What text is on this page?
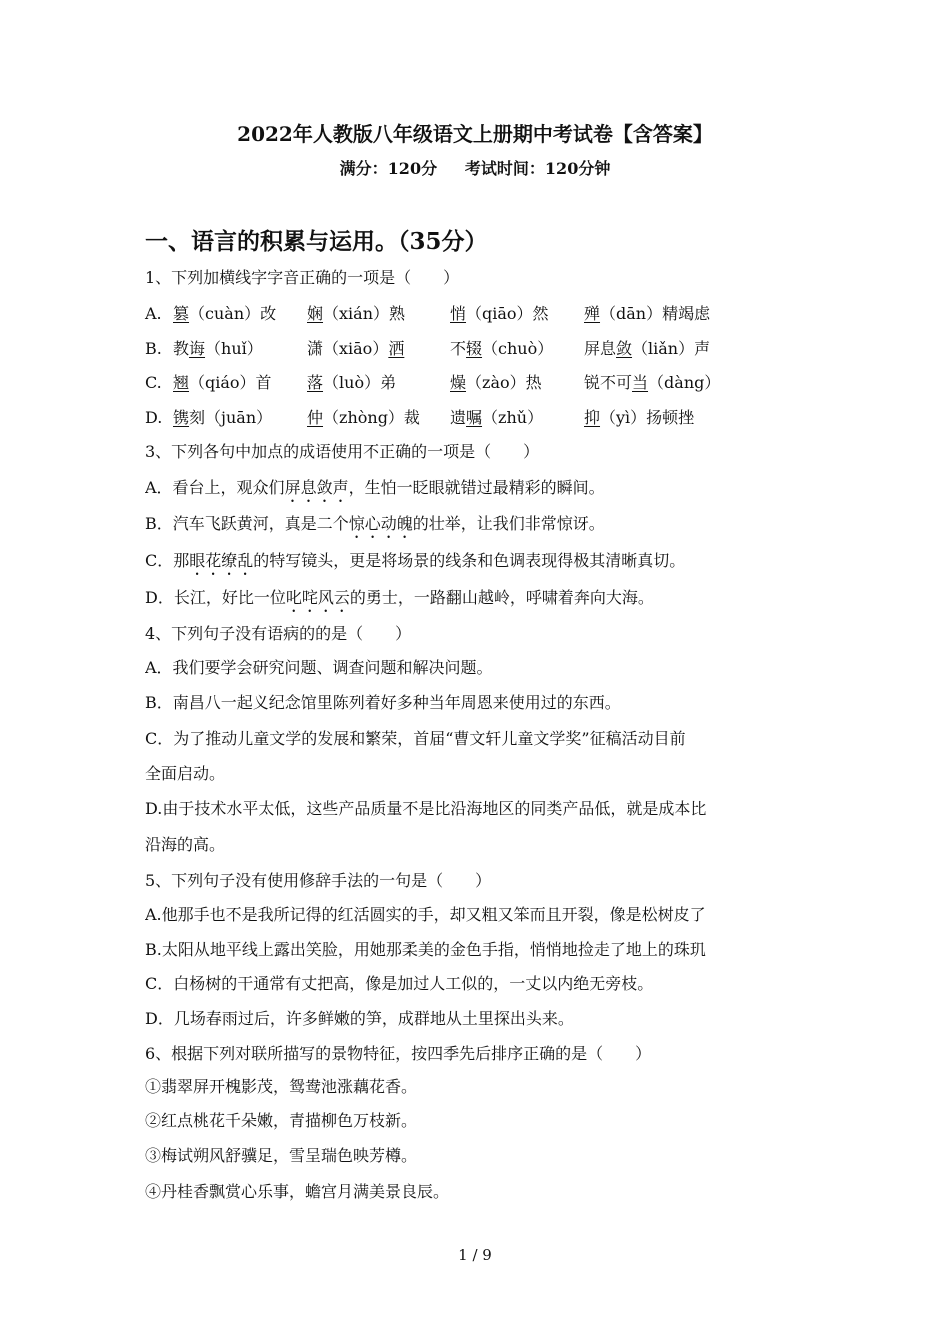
2022年人教版八年级语文上册期中考试卷【含答案】
满分：120分     考试时间：120分钟
一、语言的积累与运用。（35分）
1、下列加横线字字音正确的一项是（　　）
A. 篡（cuàn）改 娴（xián）熟	悄（qiāo）然 殚（dān）精竭虑
B. 教诲（huǐ）	潇（xiāo）洒	不辍（chuò） 屏息敛（liǎn）声
C. 翘（qiáo）首 落（luò）弟	燥（zào）热	锐不可当（dàng）
D. 镌刻（juān） 仲（zhòng）裁 遗嘱（zhǔ）	抑（yì）扬顿挫
3、下列各句中加点的成语使用不正确的一项是（　　）
A．看台上，观众们屏息敛声，生怕一眨眼就错过最精彩的瞬间。
B．汽车飞跃黄河，真是二个惊心动魄的壮举，让我们非常惊讶。
C．那眼花缭乱的特写镜头，更是将场景的线条和色调表现得极其清晰真切。
D．长江，好比一位叱咤风云的勇士，一路翻山越岭，呼啸着奔向大海。
4、下列句子没有语病的的是（　　）
A．我们要学会研究问题、调查问题和解决问题。
B．南昌八一起义纪念馆里陈列着好多种当年周恩来使用过的东西。
C．为了推动儿童文学的发展和繁荣，首届“曹文轩儿童文学奖”征稿活动目前
全面启动。
D.由于技术水平太低，这些产品质量不是比沿海地区的同类产品低，就是成本比
沿海的高。
5、下列句子没有使用修辞手法的一句是（　　）
A.他那手也不是我所记得的红活圆实的手，却又粗又笨而且开裂，像是松树皮了
B.太阳从地平线上露出笑脸，用她那柔美的金色手指，悄悄地捡走了地上的珠玑
C．白杨树的干通常有丈把高，像是加过人工似的，一丈以内绝无旁枝。
D．几场春雨过后，许多鲜嫩的笋，成群地从土里探出头来。
6、根据下列对联所描写的景物特征，按四季先后排序正确的是（　　）
①翡翠屏开槐影茂，鸳鸯池涨藕花香。
②红点桃花千朵嫩，青描柳色万枝新。
③梅试朔风舒骥足，雪呈瑞色映芳樽。
④丹桂香飘赏心乐事，蟾宫月满美景良辰。
1 / 9
